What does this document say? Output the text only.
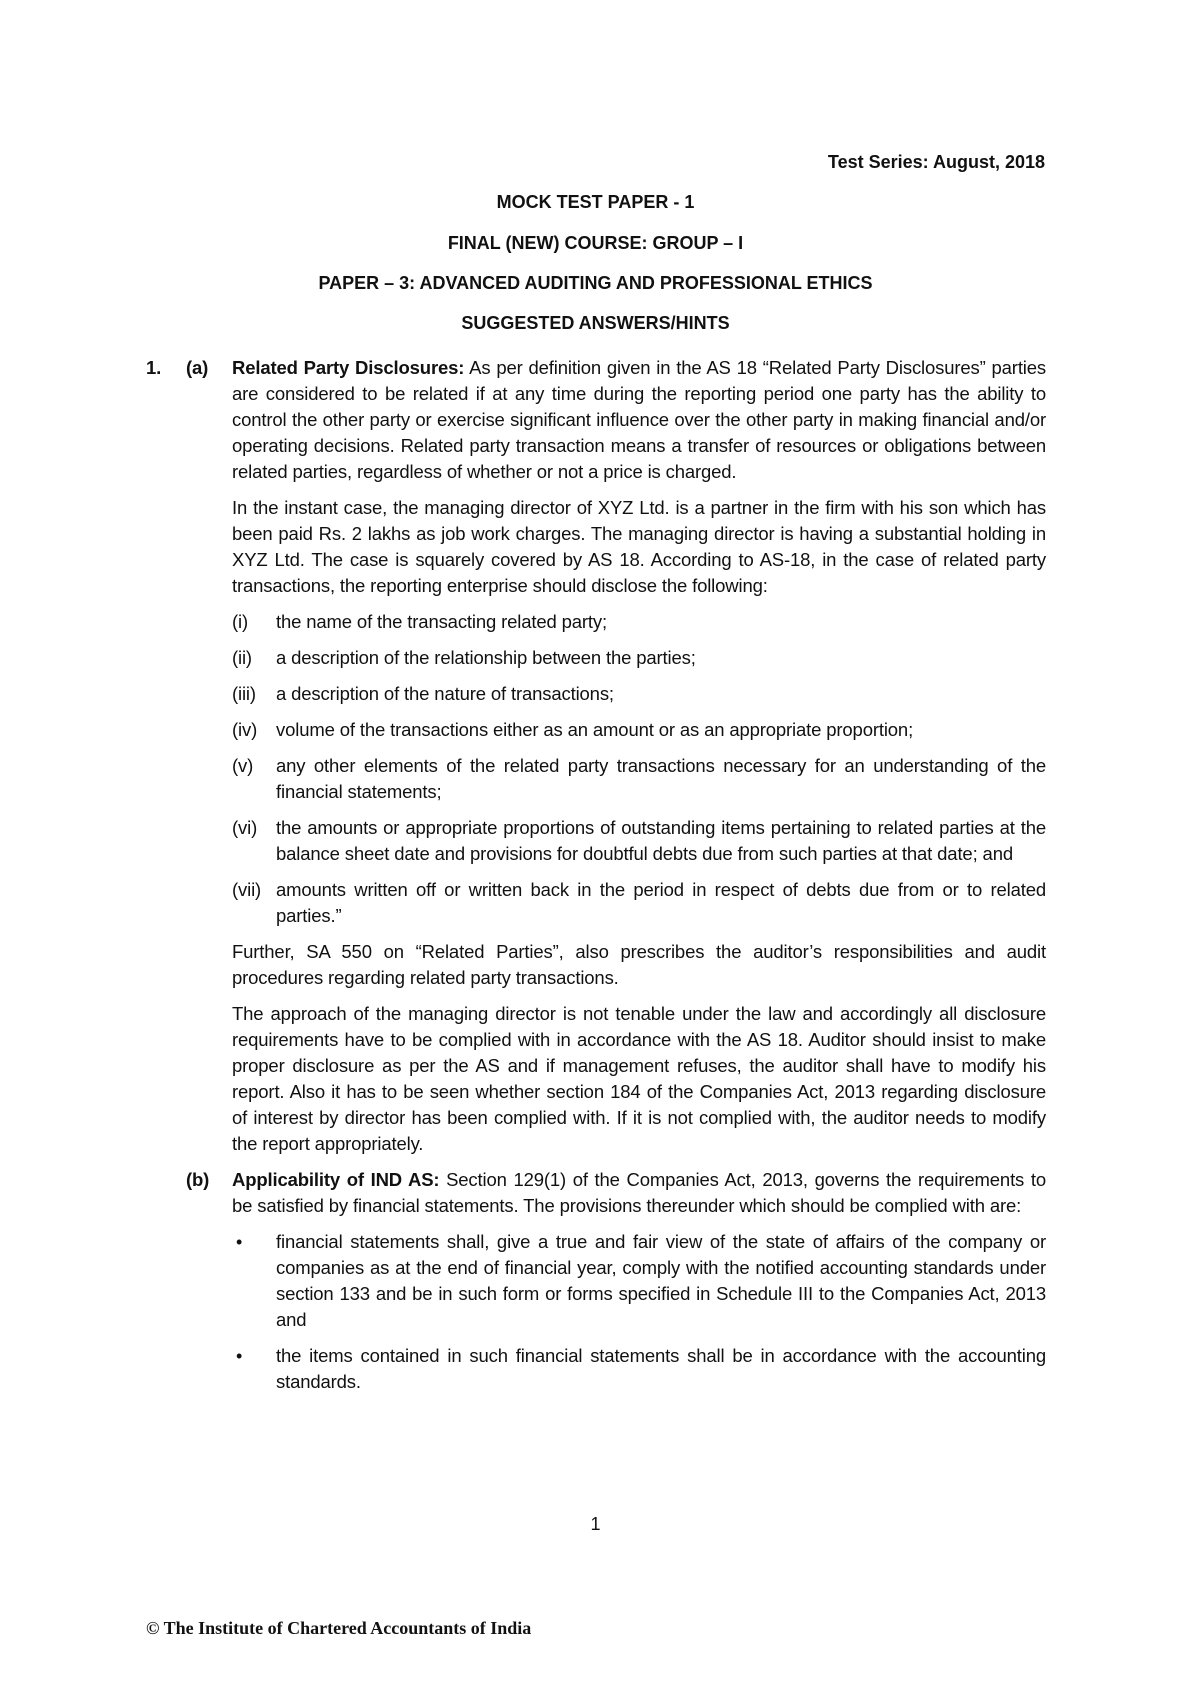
Test Series: August, 2018
MOCK TEST PAPER - 1
FINAL (NEW) COURSE: GROUP – I
PAPER – 3: ADVANCED AUDITING AND PROFESSIONAL ETHICS
SUGGESTED ANSWERS/HINTS
1. (a) Related Party Disclosures: As per definition given in the AS 18 “Related Party Disclosures” parties are considered to be related if at any time during the reporting period one party has the ability to control the other party or exercise significant influence over the other party in making financial and/or operating decisions. Related party transaction means a transfer of resources or obligations between related parties, regardless of whether or not a price is charged.

In the instant case, the managing director of XYZ Ltd. is a partner in the firm with his son which has been paid Rs. 2 lakhs as job work charges. The managing director is having a substantial holding in XYZ Ltd. The case is squarely covered by AS 18. According to AS-18, in the case of related party transactions, the reporting enterprise should disclose the following:

(i) the name of the transacting related party;
(ii) a description of the relationship between the parties;
(iii) a description of the nature of transactions;
(iv) volume of the transactions either as an amount or as an appropriate proportion;
(v) any other elements of the related party transactions necessary for an understanding of the financial statements;
(vi) the amounts or appropriate proportions of outstanding items pertaining to related parties at the balance sheet date and provisions for doubtful debts due from such parties at that date; and
(vii) amounts written off or written back in the period in respect of debts due from or to related parties.”

Further, SA 550 on “Related Parties”, also prescribes the auditor’s responsibilities and audit procedures regarding related party transactions.

The approach of the managing director is not tenable under the law and accordingly all disclosure requirements have to be complied with in accordance with the AS 18. Auditor should insist to make proper disclosure as per the AS and if management refuses, the auditor shall have to modify his report. Also it has to be seen whether section 184 of the Companies Act, 2013 regarding disclosure of interest by director has been complied with. If it is not complied with, the auditor needs to modify the report appropriately.

(b) Applicability of IND AS: Section 129(1) of the Companies Act, 2013, governs the requirements to be satisfied by financial statements. The provisions thereunder which should be complied with are:

• financial statements shall, give a true and fair view of the state of affairs of the company or companies as at the end of financial year, comply with the notified accounting standards under section 133 and be in such form or forms specified in Schedule III to the Companies Act, 2013 and
• the items contained in such financial statements shall be in accordance with the accounting standards.
1
© The Institute of Chartered Accountants of India
